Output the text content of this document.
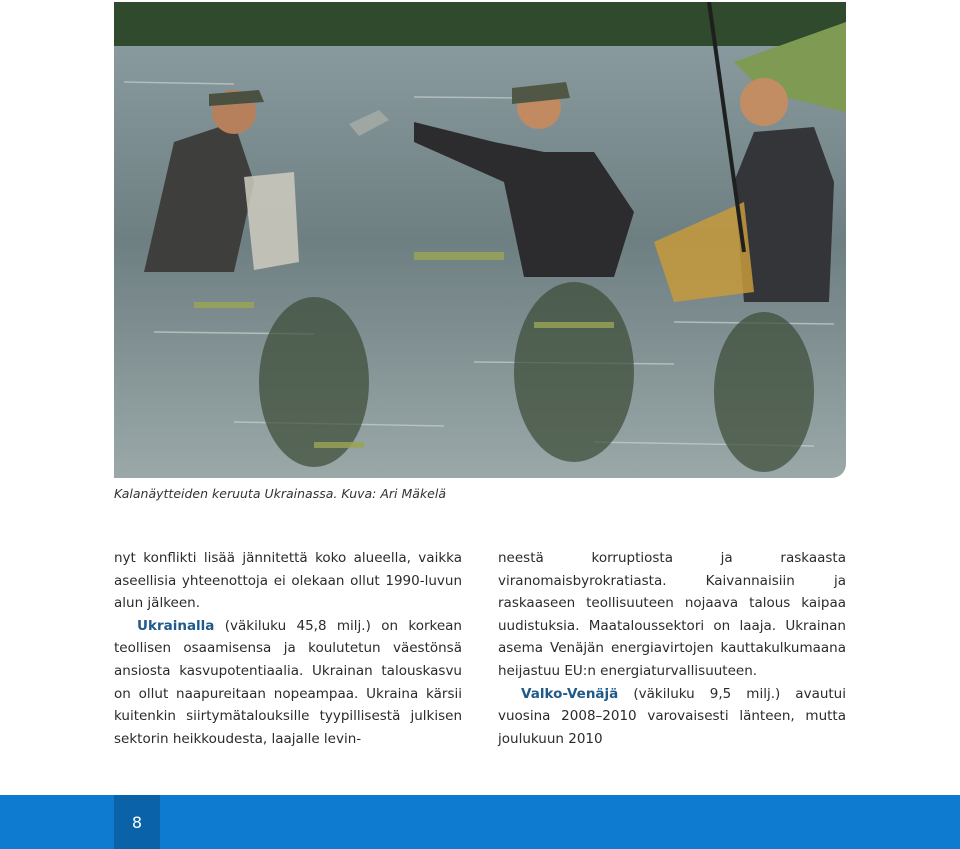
Kalanäytteiden keruuta Ukrainassa. Kuva: Ari Mäkelä

nyt konflikti lisää jännitettä koko alueella, vaikka aseellisia yhteenottoja ei olekaan ollut 1990-luvun alun jälkeen.

Ukrainalla (väkiluku 45,8 milj.) on korkean teollisen osaamisensa ja koulutetun väestönsä ansiosta kasvupotentiaalia. Ukrainan talouskasvu on ollut naapureitaan nopeampaa. Ukraina kärsii kuitenkin siirtymätalouksille tyypillisestä julkisen sektorin heikkoudesta, laajalle levin-

neestä korruptiosta ja raskaasta viranomaisbyrokratiasta. Kaivannaisiin ja raskaaseen teollisuuteen nojaava talous kaipaa uudistuksia. Maataloussektori on laaja. Ukrainan asema Venäjän energiavirtojen kauttakulkumaana heijastuu EU:n energiaturvallisuuteen.

Valko-Venäjä (väkiluku 9,5 milj.) avautui vuosina 2008–2010 varovaisesti länteen, mutta joulukuun 2010

8
